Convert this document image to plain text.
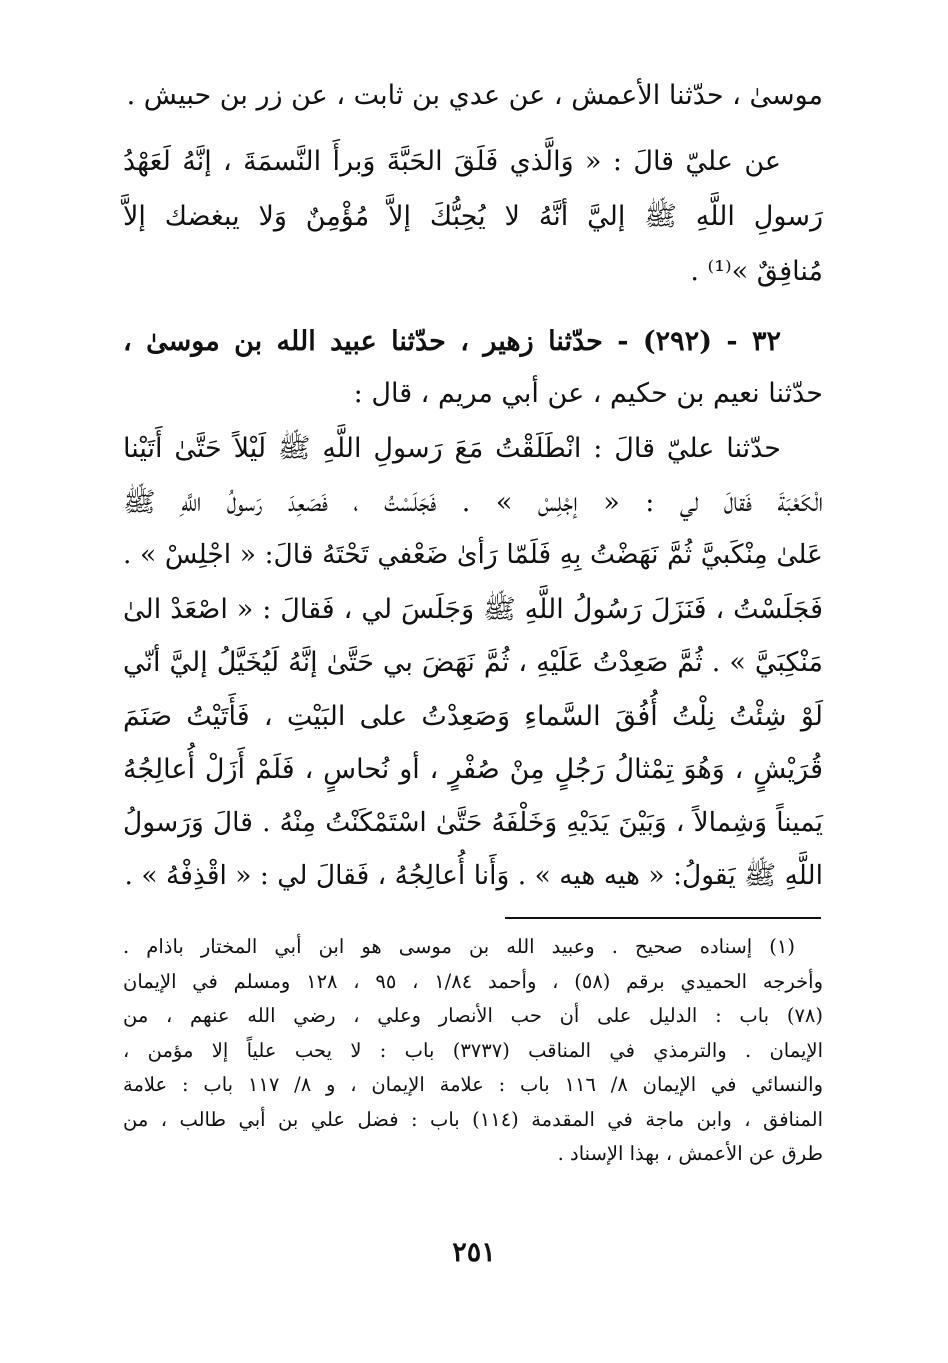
موسىٰ ، حدّثنا الأعمش ، عن عدي بن ثابت ، عن زر بن حبيش .
عن عليّ قالَ : « وَالَّذي فَلَقَ الحَبَّةَ وَبرأَ النَّسمَةَ ، إنَّهُ لَعَهْدُ
رَسولِ اللَّهِ ﷺ إليَّ أنَّهُ لا يُحِبُّكَ إلاَّ مُؤْمِنٌ وَلا يبغضك إلاَّ
مُنافِقٌ »⁽¹⁾ .
٣٢ - (٢٩٢) - حدّثنا زهير ، حدّثنا عبيد الله بن موسىٰ ،
حدّثنا نعيم بن حكيم ، عن أبي مريم ، قال :
حدّثنا عليّ قالَ : انْطَلَقْتُ مَعَ رَسولِ اللَّهِ ﷺ لَيْلاً حَتَّىٰ أَتَيْنا
الْكَعْبَةَ فَقالَ لي : « إجْلِسْ » . فَجَلَسْتُ ، فَصَعِدَ رَسولُ اللَّهِ ﷺ
عَلىٰ مِنْكَبيَّ ثُمَّ نَهَضْتُ بِهِ فَلَمّا رَأىٰ ضَعْفي تَحْتَهُ قالَ: « اجْلِسْ » .
فَجَلَسْتُ ، فَنَزَلَ رَسُولُ اللَّهِ ﷺ وَجَلَسَ لي ، فَقالَ : « اصْعَدْ الىٰ
مَنْكِبَيَّ » . ثُمَّ صَعِدْتُ عَلَيْهِ ، ثُمَّ نَهَضَ بي حَتَّىٰ إنَّهُ لَيُخَيَّلُ إليَّ أنّي
لَوْ شِئْتُ نِلْتُ أُفُقَ السَّماءِ وَصَعِدْتُ على البَيْتِ ، فَأَتَيْتُ صَنَمَ
قُرَيْشٍ ، وَهُوَ تِمْثالُ رَجُلٍ مِنْ صُفْرٍ ، أو نُحاسٍ ، فَلَمْ أَزَلْ أُعالِجُهُ
يَميناً وَشِمالاً ، وَبَيْنَ يَدَيْهِ وَخَلْفَهُ حَتَّىٰ اسْتَمْكَنْتُ مِنْهُ . قالَ وَرَسولُ
اللَّهِ ﷺ يَقولُ: « هيه هيه » . وَأَنا أُعالِجُهُ ، فَقالَ لي : « اقْذِفْهُ » .
(١) إسناده صحيح . وعبيد الله بن موسى هو ابن أبي المختار باذام .
وأخرجه الحميدي برقم (٥٨) ، وأحمد ١/٨٤ ، ٩٥ ، ١٢٨ ومسلم في الإيمان
(٧٨) باب : الدليل على أن حب الأنصار وعلي ، رضي الله عنهم ، من
الإيمان . والترمذي في المناقب (٣٧٣٧) باب : لا يحب علياً إلا مؤمن ،
والنسائي في الإيمان ٨/ ١١٦ باب : علامة الإيمان ، و ٨/ ١١٧ باب : علامة
المنافق ، وابن ماجة في المقدمة (١١٤) باب : فضل علي بن أبي طالب ، من
طرق عن الأعمش ، بهذا الإسناد .
٢٥١
